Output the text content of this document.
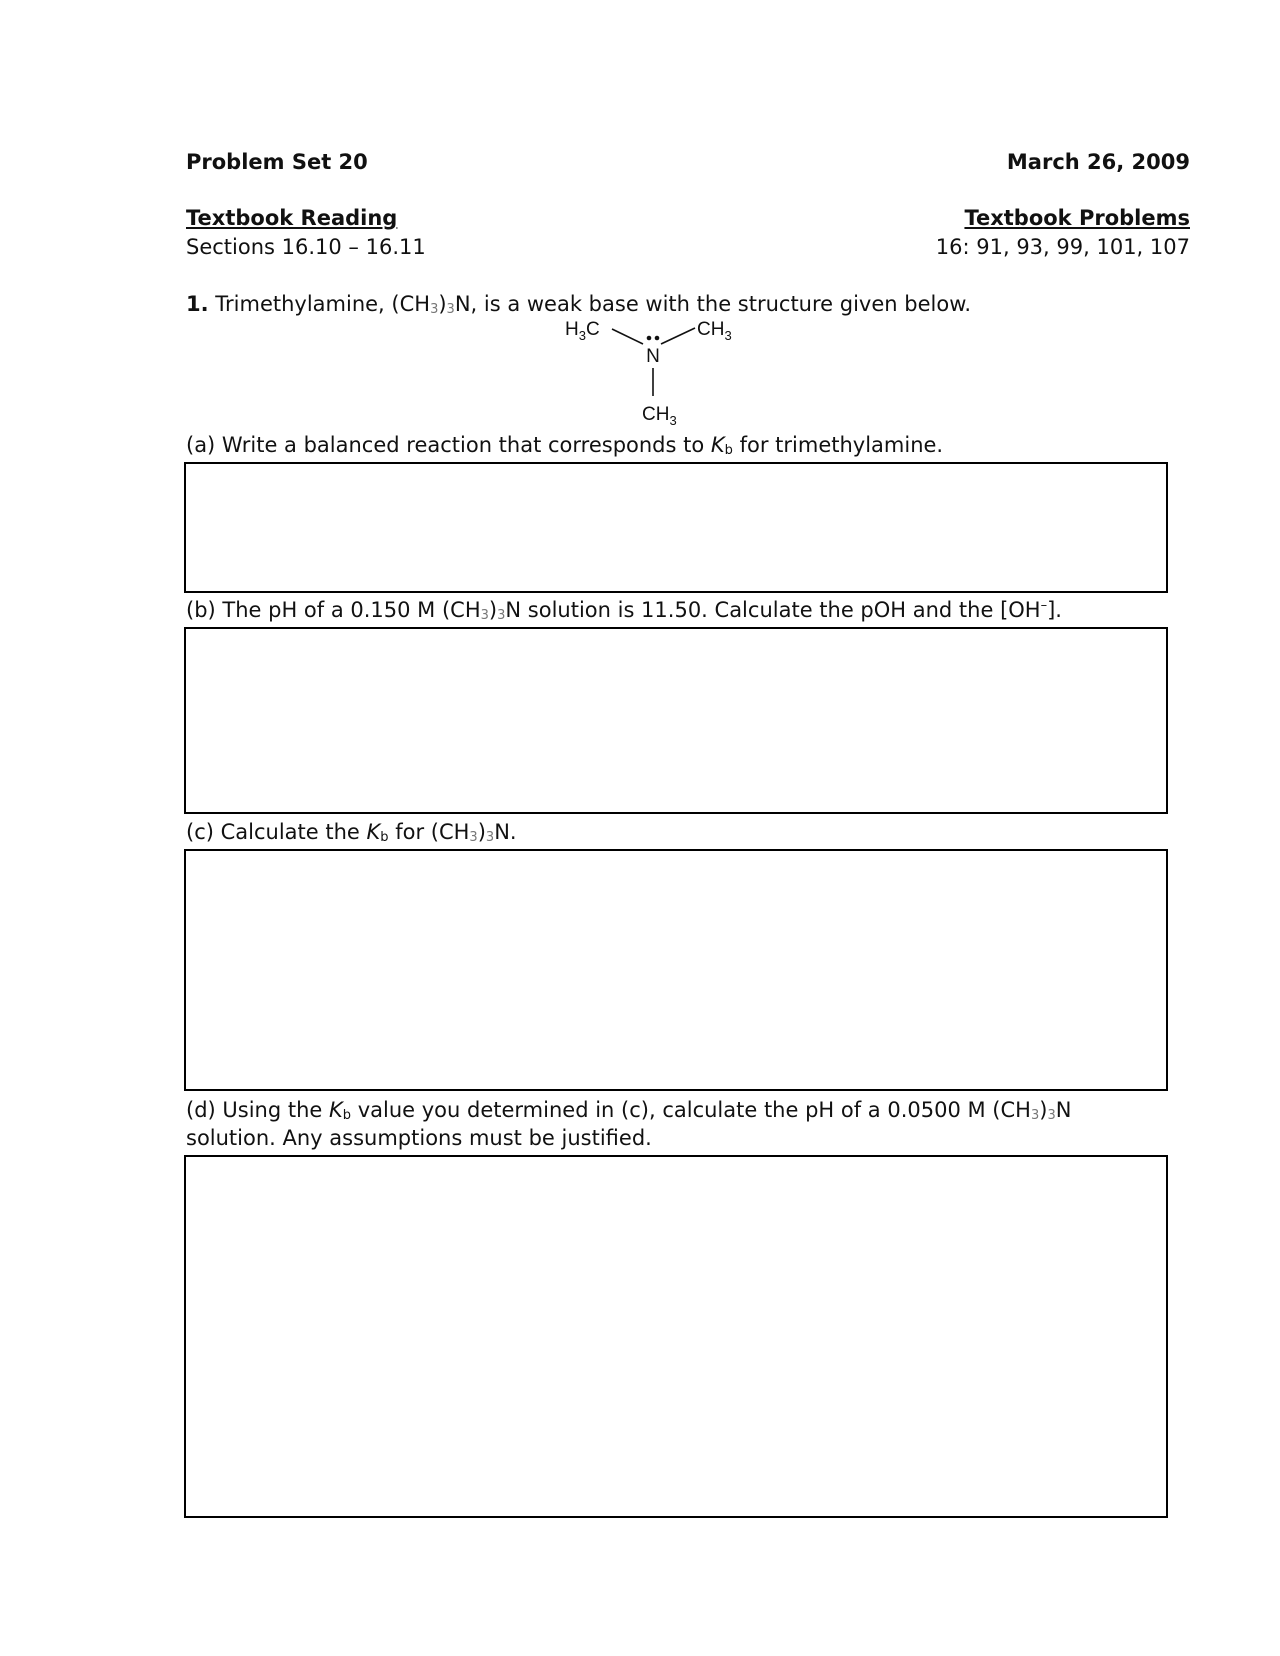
Problem Set 20	March 26, 2009
Textbook Reading
Sections 16.10 – 16.11
Textbook Problems
16: 91, 93, 99, 101, 107
1. Trimethylamine, $(CH_3)_3N$, is a weak base with the structure given below.
$H_3C$	$CH_3$
N
$CH_3$
(a) Write a balanced reaction that corresponds to $K_b$ for trimethylamine.
(b) The pH of a 0.150 M $(CH_3)_3N$ solution is 11.50. Calculate the pOH and the [OH–].
(c) Calculate the $K_b$ for $(CH_3)_3N$.
(d) Using the $K_b$ value you determined in (c), calculate the pH of a 0.0500 M $(CH_3)_3N$
solution. Any assumptions must be justified.
